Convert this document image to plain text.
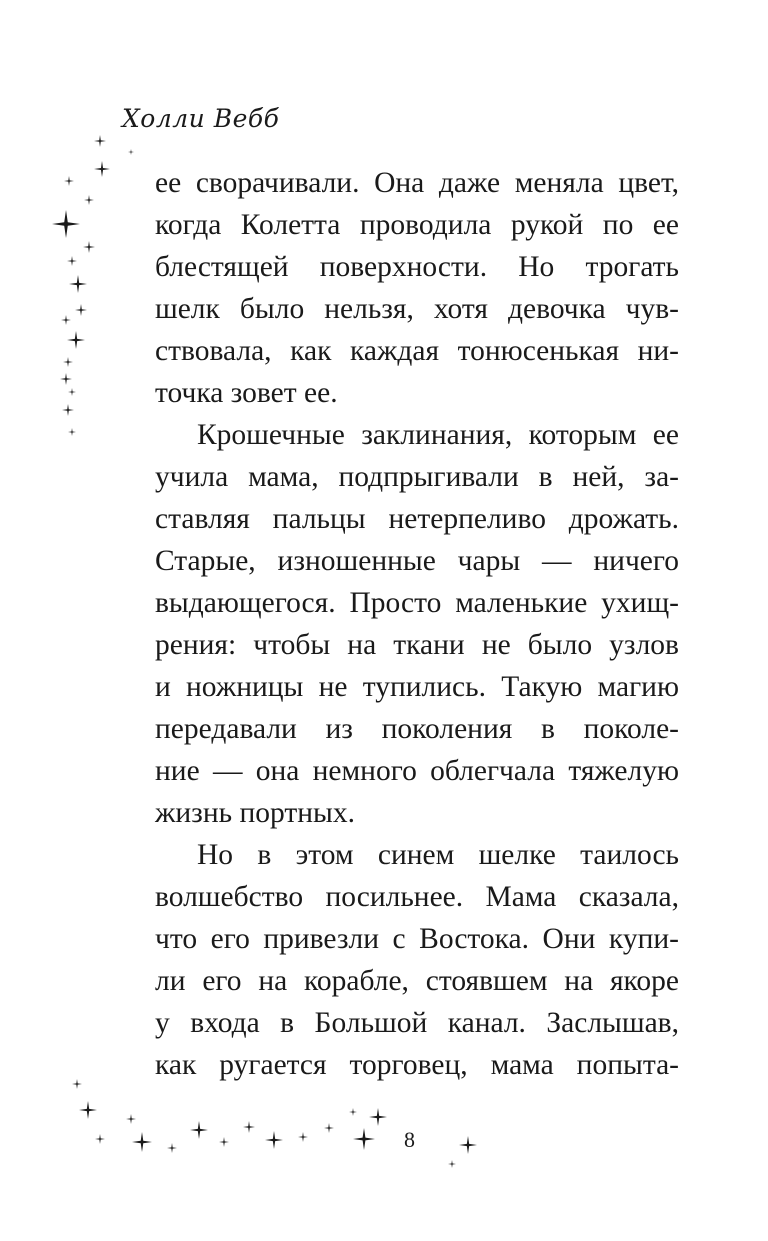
Холли Вебб
ее сворачивали. Она даже меняла цвет,
когда Колетта проводила рукой по ее
блестящей поверхности. Но трогать
шелк было нельзя, хотя девочка чув-
ствовала, как каждая тонюсенькая ни-
точка зовет ее.
Крошечные заклинания, которым ее
учила мама, подпрыгивали в ней, за-
ставляя пальцы нетерпеливо дрожать.
Старые, изношенные чары — ничего
выдающегося. Просто маленькие ухищ-
рения: чтобы на ткани не было узлов
и ножницы не тупились. Такую магию
передавали из поколения в поколе-
ние — она немного облегчала тяжелую
жизнь портных.
Но в этом синем шелке таилось
волшебство посильнее. Мама сказала,
что его привезли с Востока. Они купи-
ли его на корабле, стоявшем на якоре
у входа в Большой канал. Заслышав,
как ругается торговец, мама попыта-
8
